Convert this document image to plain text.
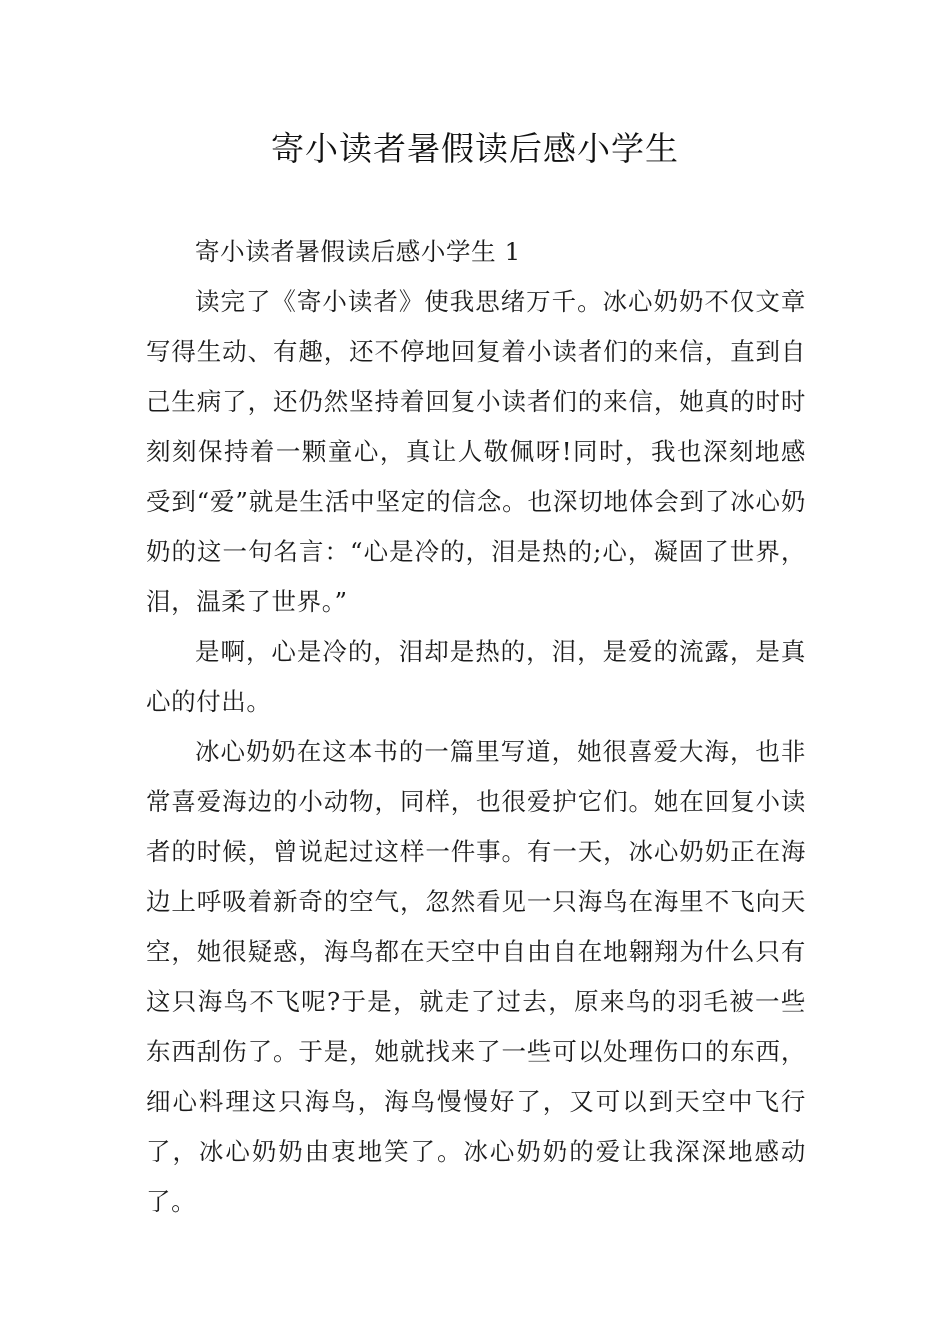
寄小读者暑假读后感小学生

寄小读者暑假读后感小学生 1

读完了《寄小读者》使我思绪万千。冰心奶奶不仅文章写得生动、有趣，还不停地回复着小读者们的来信，直到自己生病了，还仍然坚持着回复小读者们的来信，她真的时时刻刻保持着一颗童心，真让人敬佩呀!同时，我也深刻地感受到“爱”就是生活中坚定的信念。也深切地体会到了冰心奶奶的这一句名言：“心是冷的，泪是热的;心，凝固了世界，泪，温柔了世界。”

是啊，心是冷的，泪却是热的，泪，是爱的流露，是真心的付出。

冰心奶奶在这本书的一篇里写道，她很喜爱大海，也非常喜爱海边的小动物，同样，也很爱护它们。她在回复小读者的时候，曾说起过这样一件事。有一天，冰心奶奶正在海边上呼吸着新奇的空气，忽然看见一只海鸟在海里不飞向天空，她很疑惑，海鸟都在天空中自由自在地翱翔为什么只有这只海鸟不飞呢?于是，就走了过去，原来鸟的羽毛被一些东西刮伤了。于是，她就找来了一些可以处理伤口的东西，细心料理这只海鸟，海鸟慢慢好了，又可以到天空中飞行了，冰心奶奶由衷地笑了。冰心奶奶的爱让我深深地感动了。
